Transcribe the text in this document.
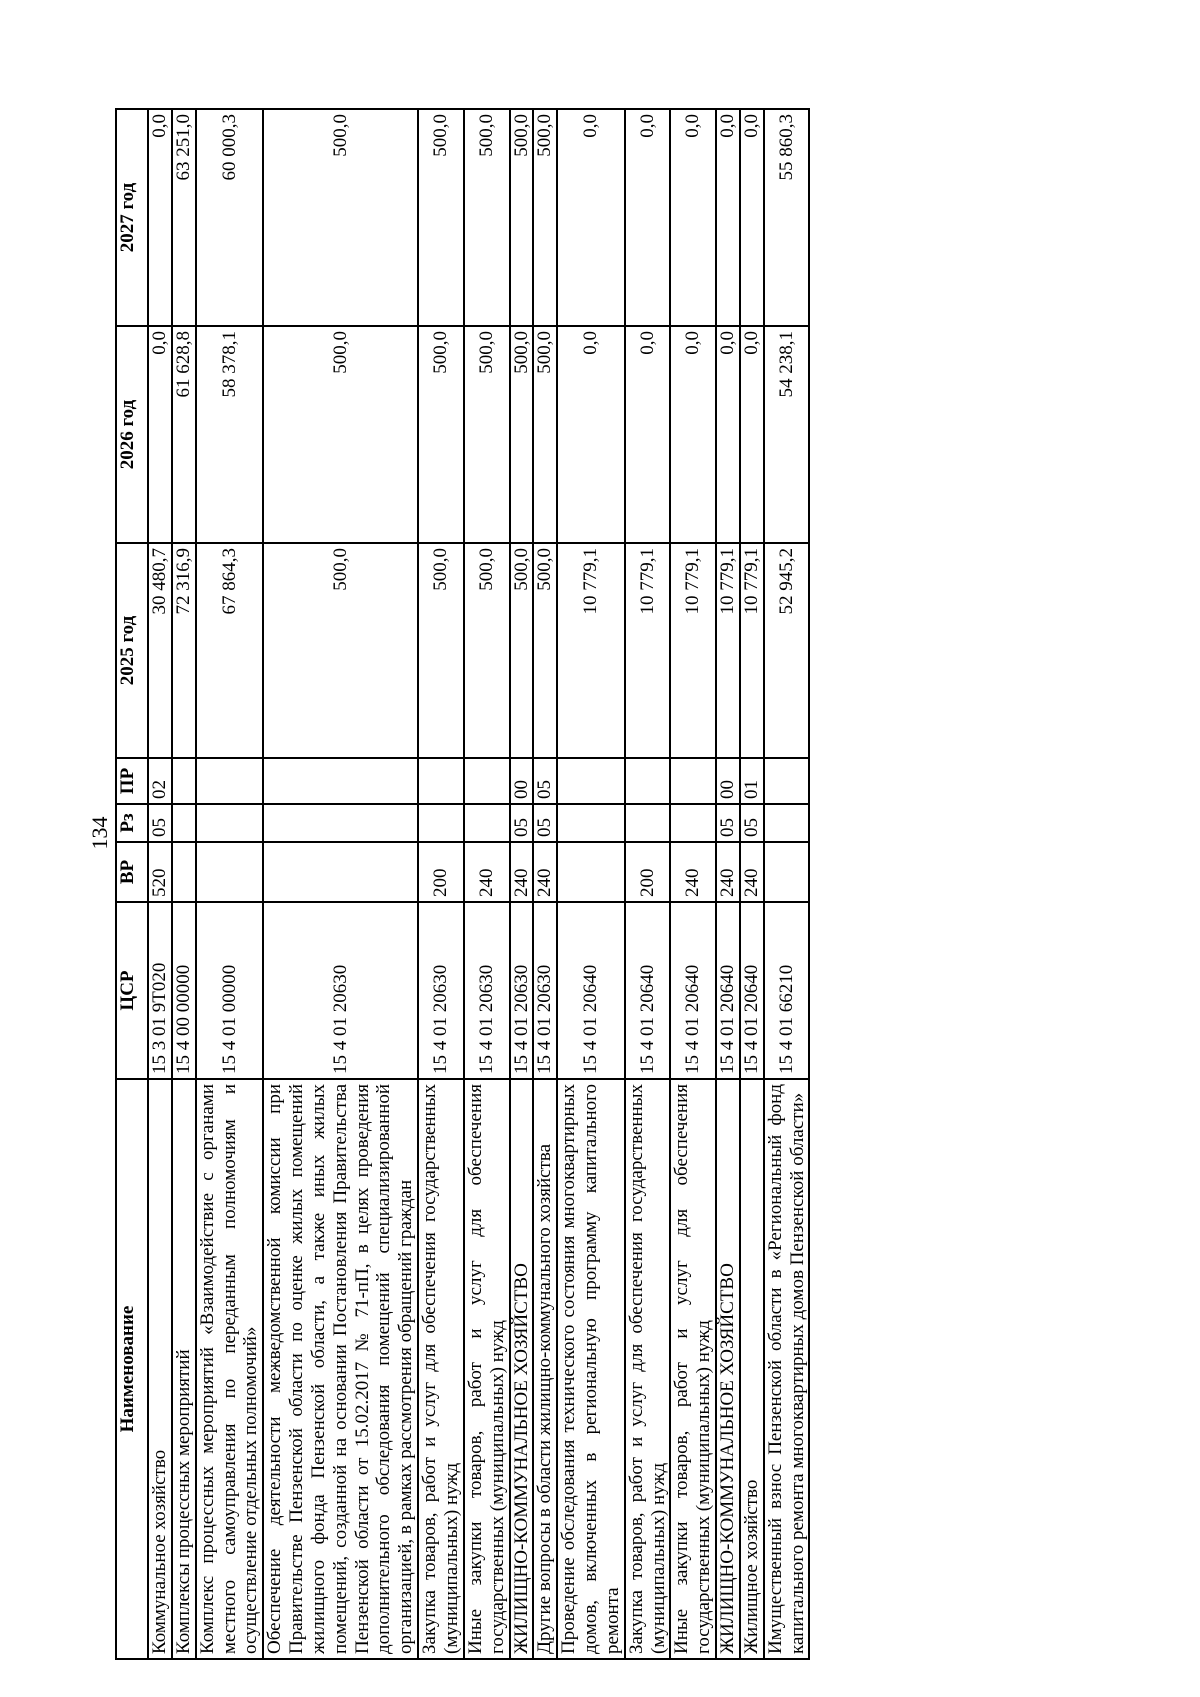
134
Наименование	ЦСР	ВР	Рз	ПР	2025 год	2026 год	2027 год
Коммунальное хозяйство	15 3 01 9Т020	520	05	02	30 480,7	0,0	0,0
Комплексы процессных мероприятий	15 4 00 00000				72 316,9	61 628,8	63 251,0
Комплекс процессных мероприятий «Взаимодействие с органами местного самоуправления по переданным полномочиям и осуществление отдельных полномочий»	15 4 01 00000				67 864,3	58 378,1	60 000,3
Обеспечение деятельности межведомственной комиссии при Правительстве Пензенской области по оценке жилых помещений жилищного фонда Пензенской области, а также иных жилых помещений, созданной на основании Постановления Правительства Пензенской области от 15.02.2017 № 71-пП, в целях проведения дополнительного обследования помещений специализированной организацией, в рамках рассмотрения обращений граждан	15 4 01 20630				500,0	500,0	500,0
Закупка товаров, работ и услуг для обеспечения государственных (муниципальных) нужд	15 4 01 20630	200			500,0	500,0	500,0
Иные закупки товаров, работ и услуг для обеспечения государственных (муниципальных) нужд	15 4 01 20630	240			500,0	500,0	500,0
ЖИЛИЩНО-КОММУНАЛЬНОЕ ХОЗЯЙСТВО	15 4 01 20630	240	05	00	500,0	500,0	500,0
Другие вопросы в области жилищно-коммунального хозяйства	15 4 01 20630	240	05	05	500,0	500,0	500,0
Проведение обследования технического состояния многоквартирных домов, включенных в региональную программу капитального ремонта	15 4 01 20640				10 779,1	0,0	0,0
Закупка товаров, работ и услуг для обеспечения государственных (муниципальных) нужд	15 4 01 20640	200			10 779,1	0,0	0,0
Иные закупки товаров, работ и услуг для обеспечения государственных (муниципальных) нужд	15 4 01 20640	240			10 779,1	0,0	0,0
ЖИЛИЩНО-КОММУНАЛЬНОЕ ХОЗЯЙСТВО	15 4 01 20640	240	05	00	10 779,1	0,0	0,0
Жилищное хозяйство	15 4 01 20640	240	05	01	10 779,1	0,0	0,0
Имущественный взнос Пензенской области в «Региональный фонд капитального ремонта многоквартирных домов Пензенской области»	15 4 01 66210				52 945,2	54 238,1	55 860,3
